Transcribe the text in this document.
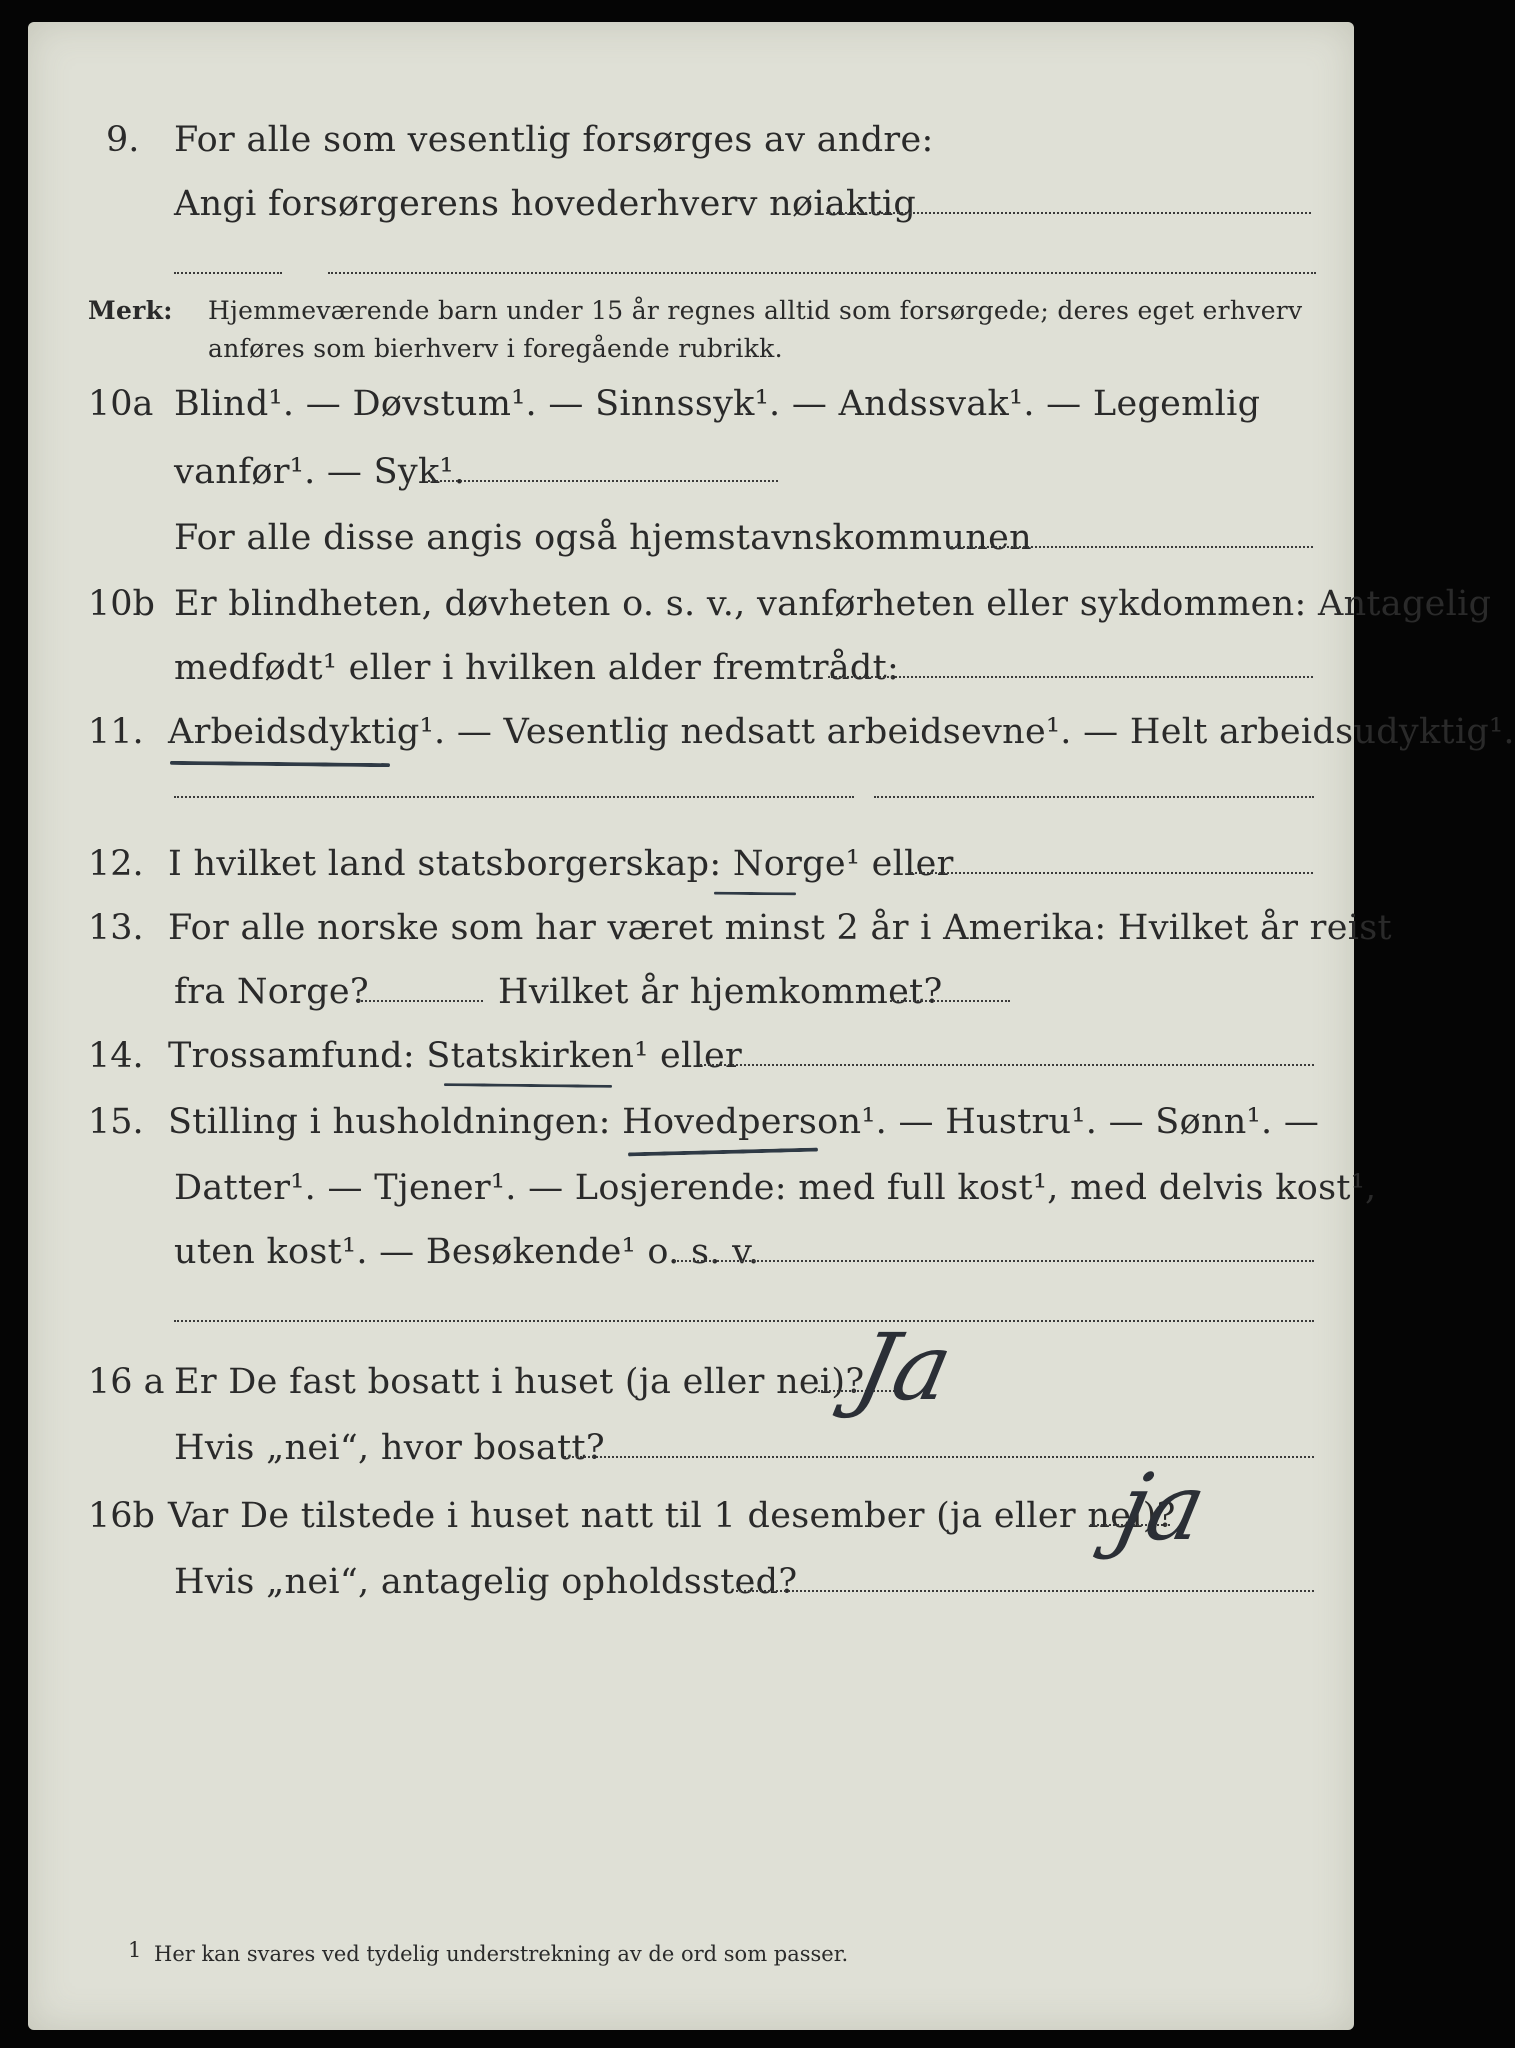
9. For alle som vesentlig forsørges av andre:
Angi forsørgerens hovederhverv nøiaktig
Merk: Hjemmeværende barn under 15 år regnes alltid som forsørgede; deres eget erhverv
anføres som bierhverv i foregående rubrikk.
10a Blind¹. — Døvstum¹. — Sinnssyk¹. — Andssvak¹. — Legemlig
vanfør¹. — Syk¹.
For alle disse angis også hjemstavnskommunen
10b Er blindheten, døvheten o. s. v., vanførheten eller sykdommen: Antagelig
medfødt¹ eller i hvilken alder fremtrådt:
11. Arbeidsdyktig¹. — Vesentlig nedsatt arbeidsevne¹. — Helt arbeidsudyktig¹.
12. I hvilket land statsborgerskap: Norge¹ eller
13. For alle norske som har været minst 2 år i Amerika: Hvilket år reist
fra Norge?	Hvilket år hjemkommet?
14. Trossamfund: Statskirken¹ eller
15. Stilling i husholdningen: Hovedperson¹. — Hustru¹. — Sønn¹. —
Datter¹. — Tjener¹. — Losjerende: med full kost¹, med delvis kost¹,
uten kost¹. — Besøkende¹ o. s. v.
16 a Er De fast bosatt i huset (ja eller nei)?
Ja
Hvis „nei“, hvor bosatt?
16b Var De tilstede i huset natt til 1 desember (ja eller nei)?
ja
Hvis „nei“, antagelig opholdssted?
1 Her kan svares ved tydelig understrekning av de ord som passer.
